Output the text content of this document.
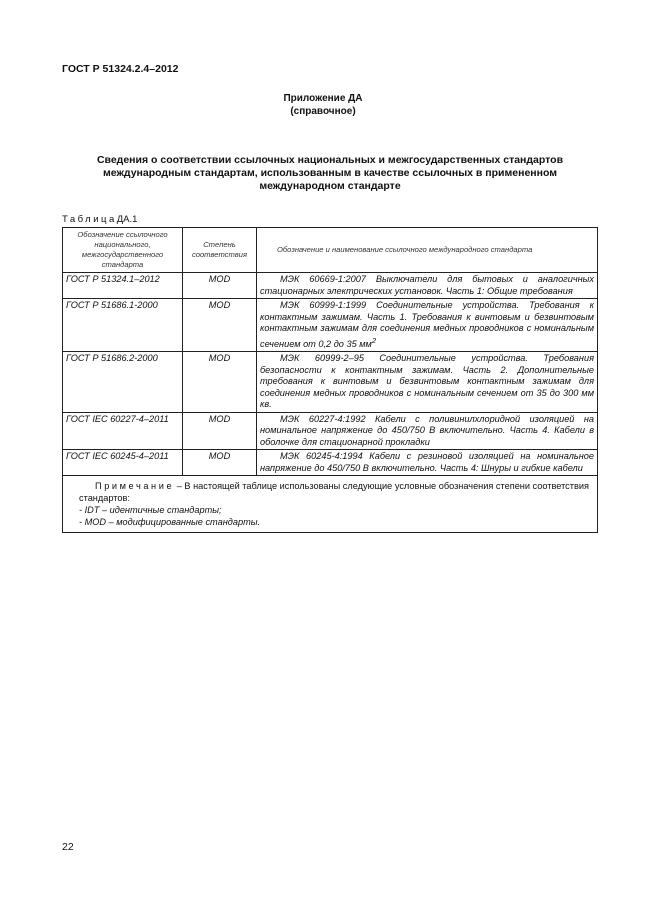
ГОСТ Р 51324.2.4–2012
Приложение ДА
(справочное)
Сведения о соответствии ссылочных национальных и межгосударственных стандартов
международным стандартам, использованным в качестве ссылочных в примененном
международном стандарте
ТаблицаДА.1
Обозначение ссылочного национального, межгосударственного стандарта	Степень соответствия	Обозначение и наименование ссылочного международного стандарта
ГОСТ Р 51324.1–2012	MOD	МЭК 60669-1:2007 Выключатели для бытовых и аналогичных стационарных электрических установок. Часть 1: Общие требования
ГОСТ Р 51686.1-2000	MOD	МЭК 60999-1:1999 Соединительные устройства. Требования к контактным зажимам. Часть 1. Требования к винтовым и безвинтовым контактным зажимам для соединения медных проводников с номинальным сечением от 0,2 до 35 $мм^2$
ГОСТ Р 51686.2-2000	MOD	МЭК 60999-2–95 Соединительные устройства. Требования безопасности к контактным зажимам. Часть 2. Дополнительные требования к винтовым и безвинтовым контактным зажимам для соединения медных проводников с номинальным сечением от 35 до 300 мм кв.
ГОСТ IEC 60227-4–2011	MOD	МЭК 60227-4:1992 Кабели с поливинилхлоридной изоляцией на номинальное напряжение до 450/750 В включительно. Часть 4. Кабели в оболочке для стационарной прокладки
ГОСТ IEC 60245-4–2011	MOD	МЭК 60245-4:1994 Кабели с резиновой изоляцией на номинальное напряжение до 450/750 В включительно. Часть 4: Шнуры и гибкие кабели

Примечание – В настоящей таблице использованы следующие условные обозначения степени соответствия стандартов:
- IDT – идентичные стандарты;
- MOD – модифицированные стандарты.		
22
